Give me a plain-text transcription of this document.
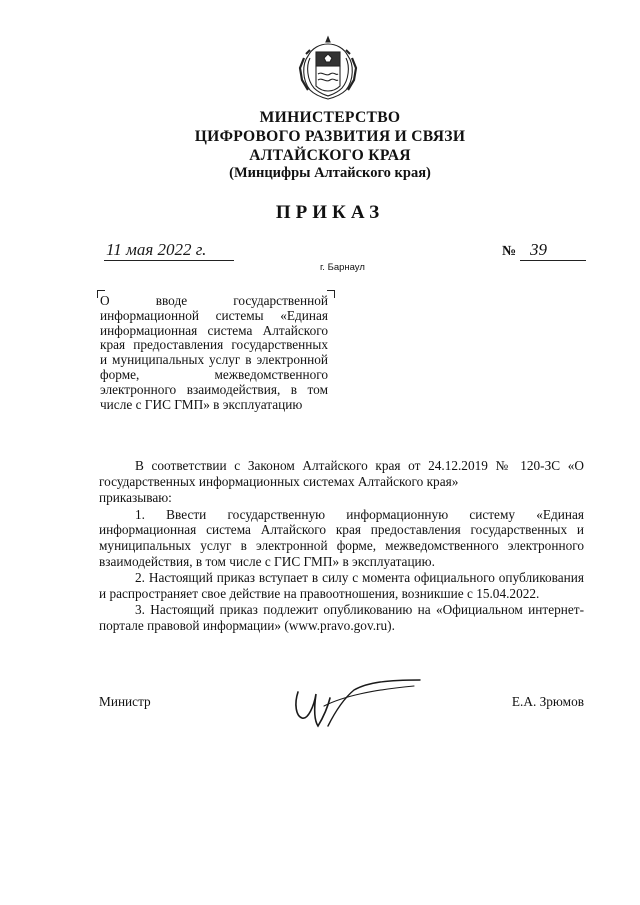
МИНИСТЕРСТВО
ЦИФРОВОГО РАЗВИТИЯ И СВЯЗИ
АЛТАЙСКОГО КРАЯ
(Минцифры Алтайского края)
ПРИКАЗ
11 мая 2022 г.	№ 39
г. Барнаул
О вводе государственной информационной системы «Единая информационная система Алтайского края предоставления государственных и муниципальных услуг в электронной форме, межведомственного электронного взаимодействия, в том числе с ГИС ГМП» в эксплуатацию

В соответствии с Законом Алтайского края от 24.12.2019 № 120-ЗС «О государственных информационных системах Алтайского края»

приказываю:

1. Ввести государственную информационную систему «Единая информационная система Алтайского края предоставления государственных и муниципальных услуг в электронной форме, межведомственного электронного взаимодействия, в том числе с ГИС ГМП» в эксплуатацию.

2. Настоящий приказ вступает в силу с момента официального опубликования и распространяет свое действие на правоотношения, возникшие с 15.04.2022.

3. Настоящий приказ подлежит опубликованию на «Официальном интернет-портале правовой информации» (www.pravo.gov.ru).

Министр	Е.А. Зрюмов
